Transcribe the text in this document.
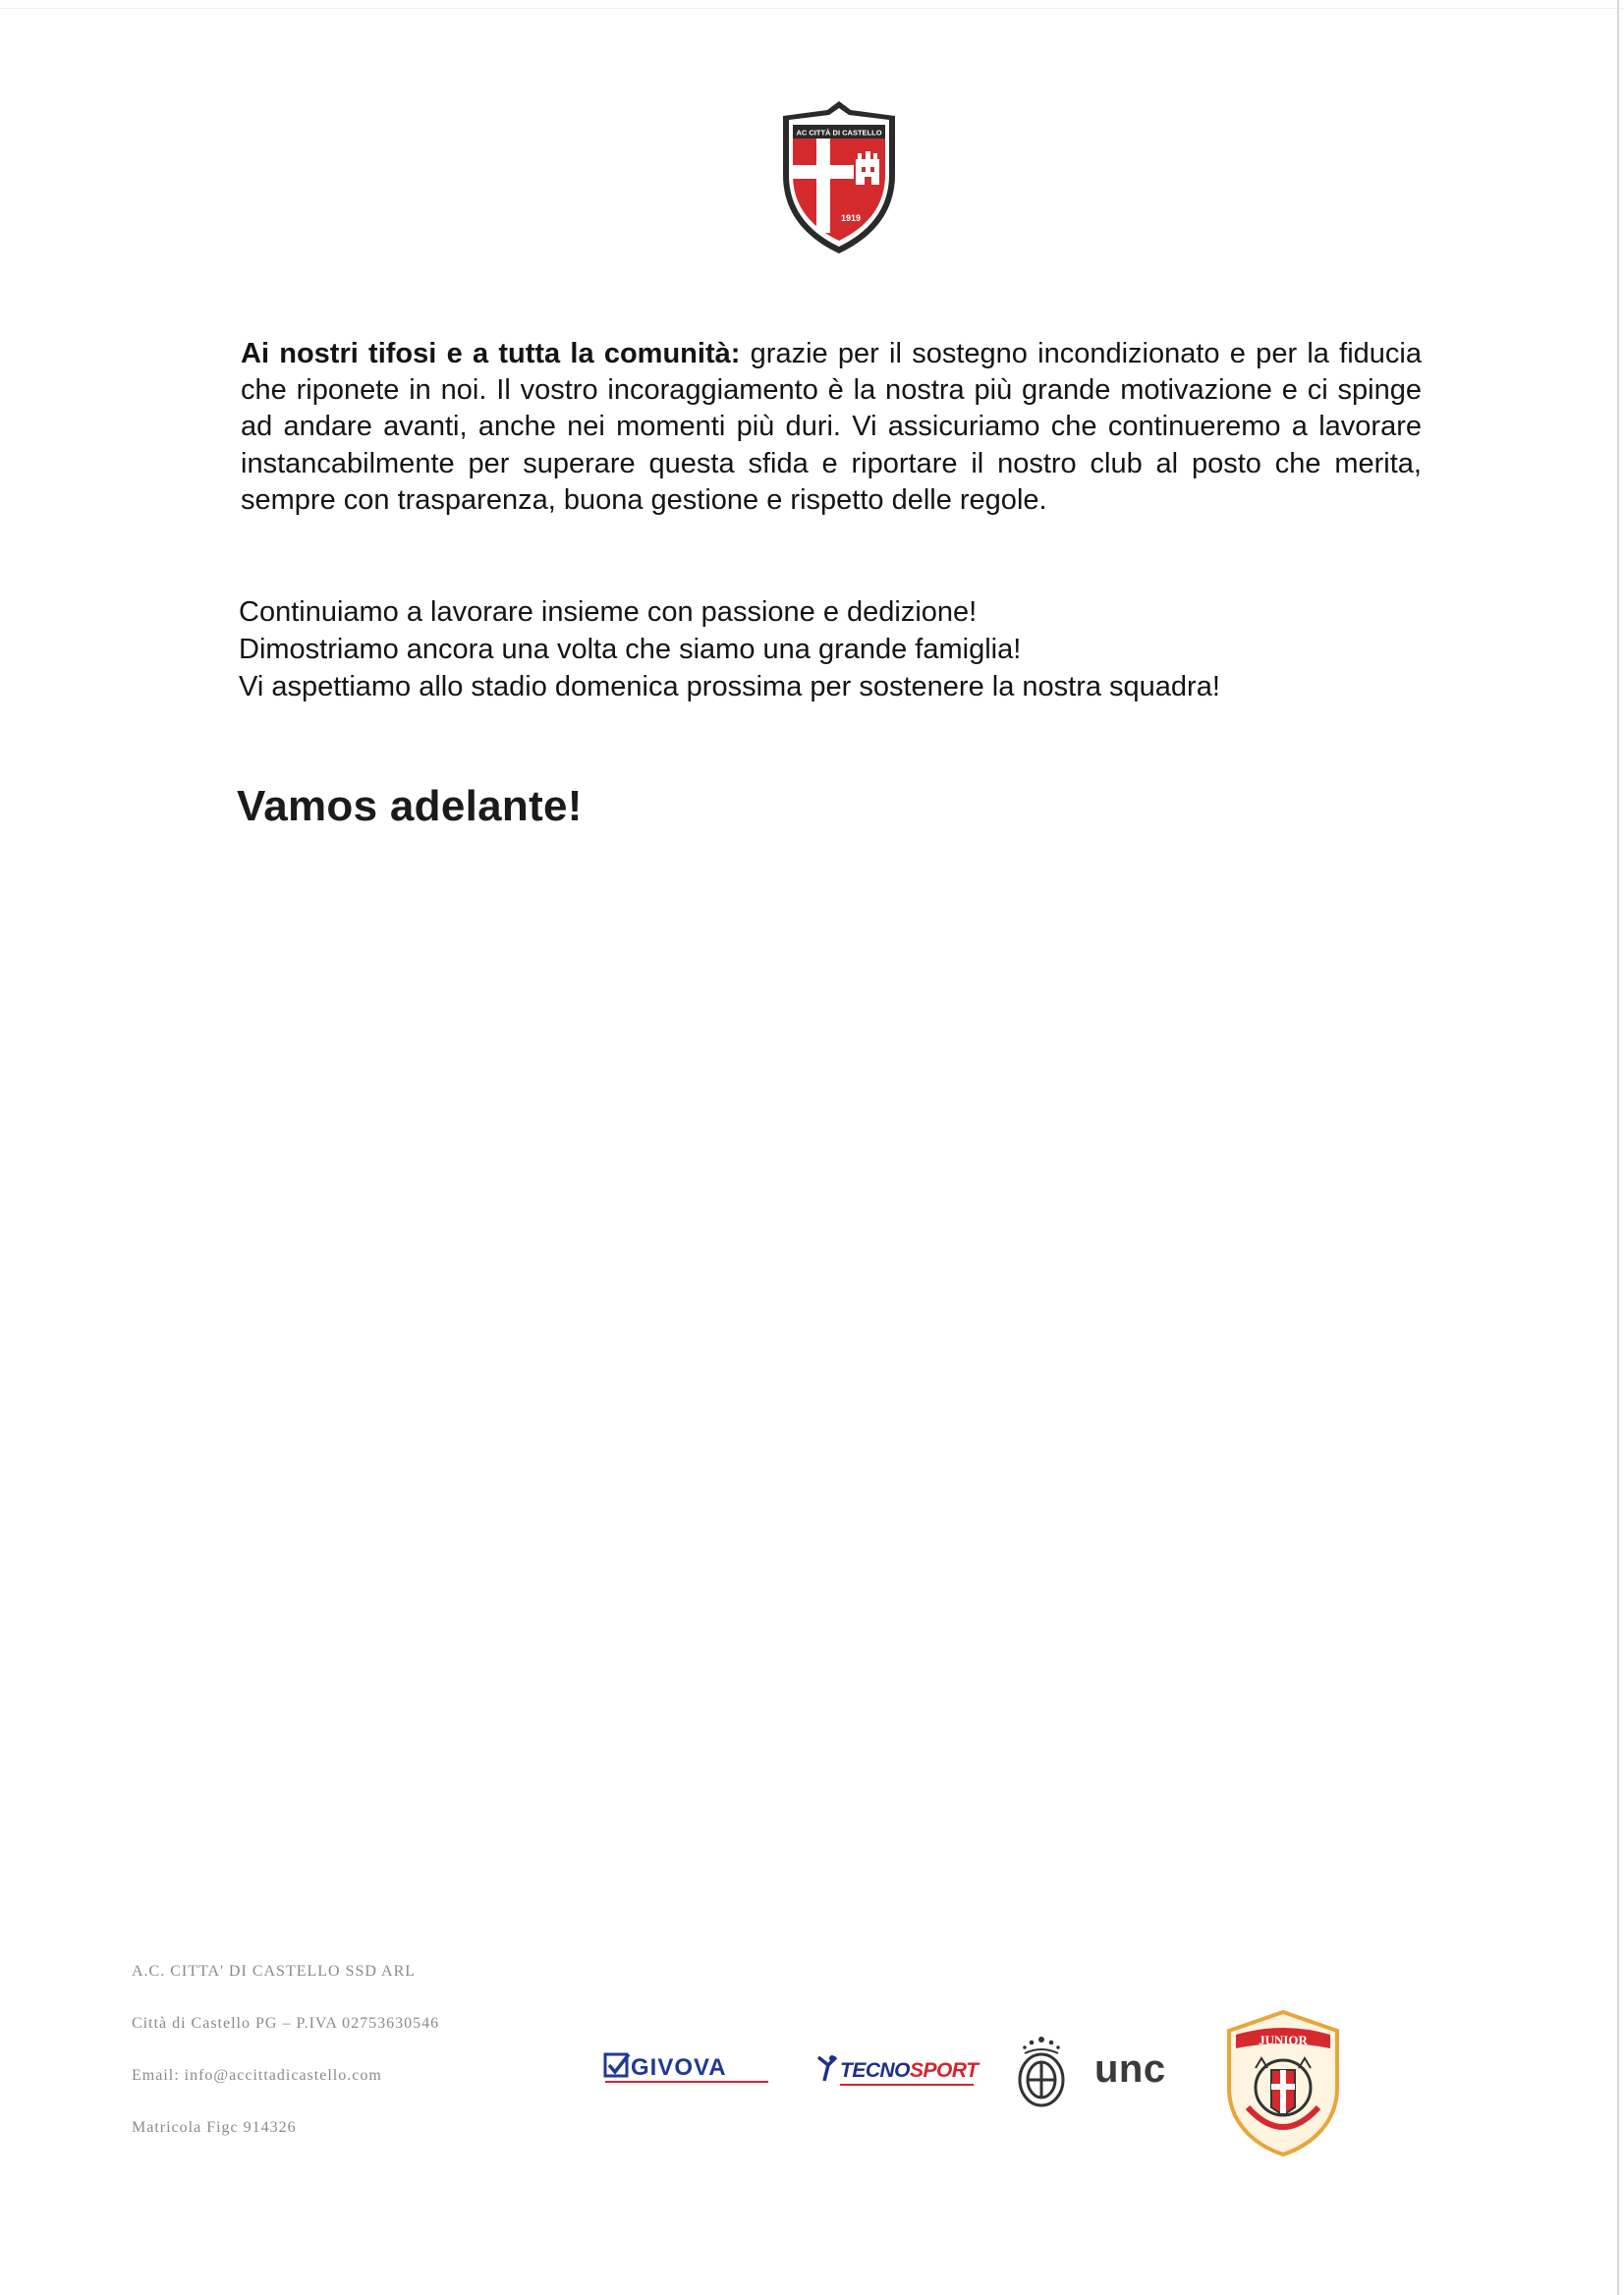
AC CITTÀ DI CASTELLO
1919

Ai nostri tifosi e a tutta la comunità: grazie per il sostegno incondizionato e per la fiducia che riponete in noi. Il vostro incoraggiamento è la nostra più grande motivazione e ci spinge ad andare avanti, anche nei momenti più duri. Vi assicuriamo che continueremo a lavorare instancabilmente per superare questa sfida e riportare il nostro club al posto che merita, sempre con trasparenza, buona gestione e rispetto delle regole.

Continuiamo a lavorare insieme con passione e dedizione!
Dimostriamo ancora una volta che siamo una grande famiglia!
Vi aspettiamo allo stadio domenica prossima per sostenere la nostra squadra!

Vamos adelante!

A.C. CITTA' DI CASTELLO SSD ARL
Città di Castello PG – P.IVA 02753630546
Email: info@accittadicastello.com
Matricola Figc 914326
GIVOVA	TECNOSPORT	unc
JUNIOR
